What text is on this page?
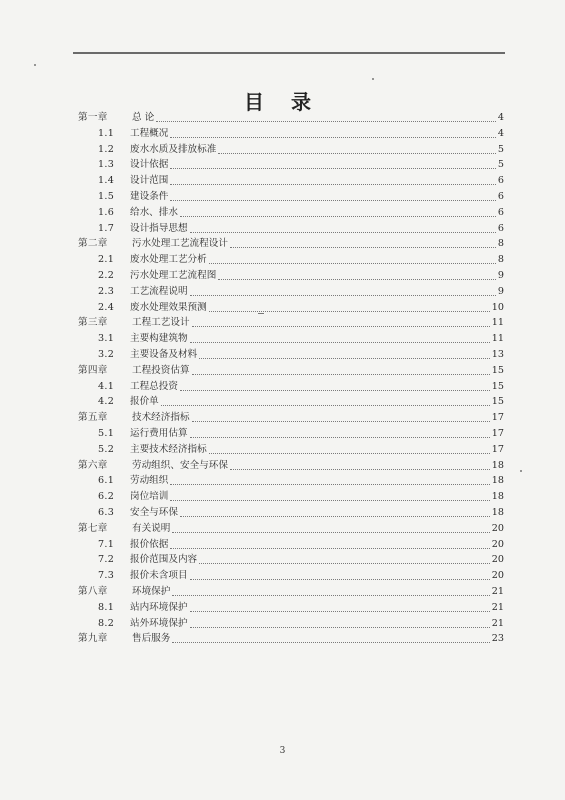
目 录
第一章	总 论	4
1.1 工程概况	4
1.2 废水水质及排放标准	5
1.3 设计依据	5
1.4 设计范围	6
1.5 建设条件	6
1.6 给水、排水	6
1.7 设计指导思想	6
第二章	污水处理工艺流程设计	8
2.1 废水处理工艺分析	8
2.2 污水处理工艺流程图	9
2.3 工艺流程说明	9
2.4 废水处理效果预测	10
第三章	工程工艺设计	11
3.1 主要构建筑物	11
3.2 主要设备及材料	13
第四章	工程投资估算	15
4.1 工程总投资	15
4.2 报价单	15
第五章	技术经济指标	17
5.1 运行费用估算	17
5.2 主要技术经济指标	17
第六章	劳动组织、安全与环保	18
6.1 劳动组织	18
6.2 岗位培训	18
6.3 安全与环保	18
第七章	有关说明	20
7.1 报价依据	20
7.2 报价范围及内容	20
7.3 报价未含项目	20
第八章	环境保护	21
8.1 站内环境保护	21
8.2 站外环境保护	21
第九章	售后服务	23
3
